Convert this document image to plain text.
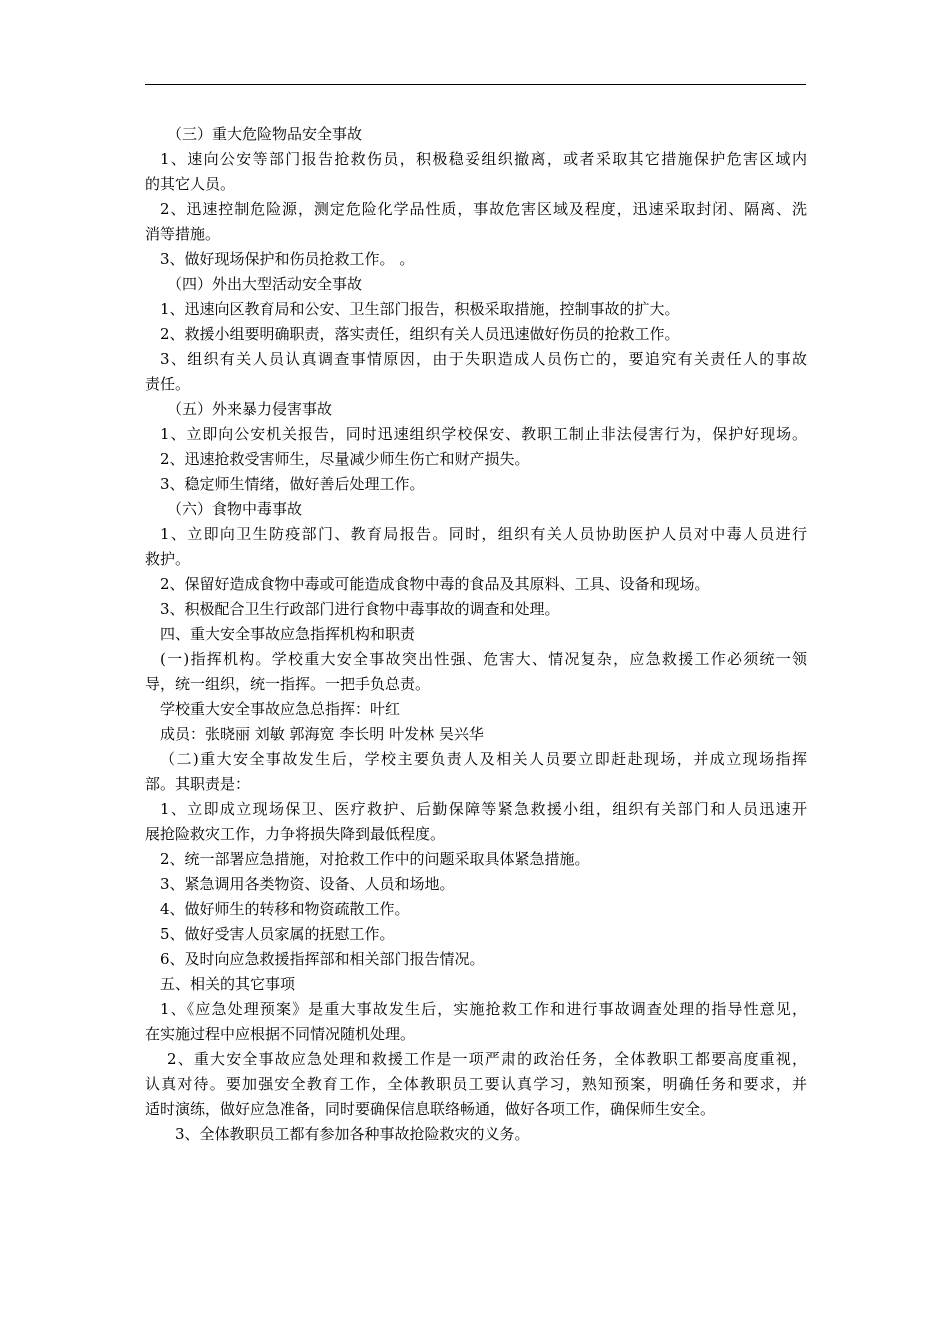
（三）重大危险物品安全事故
1、速向公安等部门报告抢救伤员，积极稳妥组织撤离，或者采取其它措施保护危害区域内
的其它人员。
2、迅速控制危险源，测定危险化学品性质，事故危害区域及程度，迅速采取封闭、隔离、洗
消等措施。
3、做好现场保护和伤员抢救工作。 。
（四）外出大型活动安全事故
1、迅速向区教育局和公安、卫生部门报告，积极采取措施，控制事故的扩大。
2、救援小组要明确职责，落实责任，组织有关人员迅速做好伤员的抢救工作。
3、组织有关人员认真调查事情原因，由于失职造成人员伤亡的，要追究有关责任人的事故
责任。
（五）外来暴力侵害事故
1、立即向公安机关报告，同时迅速组织学校保安、教职工制止非法侵害行为，保护好现场。
2、迅速抢救受害师生，尽量减少师生伤亡和财产损失。
3、稳定师生情绪，做好善后处理工作。
（六）食物中毒事故
1、立即向卫生防疫部门、教育局报告。同时，组织有关人员协助医护人员对中毒人员进行
救护。
2、保留好造成食物中毒或可能造成食物中毒的食品及其原料、工具、设备和现场。
3、积极配合卫生行政部门进行食物中毒事故的调查和处理。
四、重大安全事故应急指挥机构和职责
(一)指挥机构。学校重大安全事故突出性强、危害大、情况复杂，应急救援工作必须统一领
导，统一组织，统一指挥。一把手负总责。
学校重大安全事故应急总指挥：叶红
成员：张晓丽 刘敏 郭海宽 李长明 叶发林 吴兴华
（二)重大安全事故发生后，学校主要负责人及相关人员要立即赶赴现场，并成立现场指挥
部。其职责是：
1、立即成立现场保卫、医疗救护、后勤保障等紧急救援小组，组织有关部门和人员迅速开
展抢险救灾工作，力争将损失降到最低程度。
2、统一部署应急措施，对抢救工作中的问题采取具体紧急措施。
3、紧急调用各类物资、设备、人员和场地。
4、做好师生的转移和物资疏散工作。
5、做好受害人员家属的抚慰工作。
6、及时向应急救援指挥部和相关部门报告情况。
五、相关的其它事项
1、《应急处理预案》是重大事故发生后，实施抢救工作和进行事故调查处理的指导性意见，
在实施过程中应根据不同情况随机处理。
2、重大安全事故应急处理和救援工作是一项严肃的政治任务，全体教职工都要高度重视，
认真对待。要加强安全教育工作，全体教职员工要认真学习，熟知预案，明确任务和要求，并
适时演练，做好应急准备，同时要确保信息联络畅通，做好各项工作，确保师生安全。
3、全体教职员工都有参加各种事故抢险救灾的义务。
